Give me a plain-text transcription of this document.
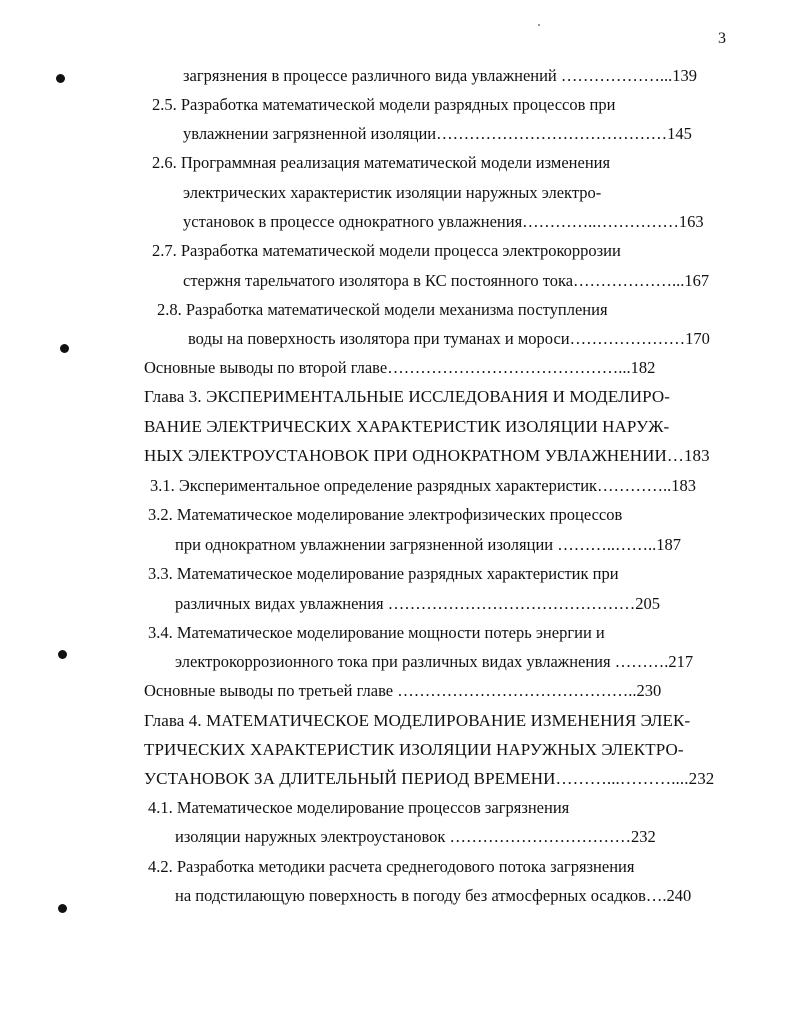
3
загрязнения в процессе различного вида увлажнений ………………...139
2.5. Разработка математической модели разрядных процессов при
увлажнении загрязненной изоляции……………………………………145
2.6. Программная реализация математической модели изменения
электрических характеристик изоляции наружных электро-
установок в процессе однократного увлажнения…………..……………163
2.7. Разработка математической модели процесса электрокоррозии
стержня тарельчатого изолятора в КС постоянного тока………………...167
2.8. Разработка математической модели механизма поступления
воды на поверхность изолятора при туманах и мороси…………………170
Основные выводы по второй главе……………………………………...182
Глава 3. ЭКСПЕРИМЕНТАЛЬНЫЕ ИССЛЕДОВАНИЯ И МОДЕЛИРО-
ВАНИЕ ЭЛЕКТРИЧЕСКИХ ХАРАКТЕРИСТИК ИЗОЛЯЦИИ НАРУЖ-
НЫХ ЭЛЕКТРОУСТАНОВОК ПРИ ОДНОКРАТНОМ УВЛАЖНЕНИИ…183
3.1. Экспериментальное определение разрядных характеристик…………..183
3.2. Математическое моделирование электрофизических процессов
при однократном увлажнении загрязненной изоляции ………..……..187
3.3. Математическое моделирование разрядных характеристик при
различных видах увлажнения ………………………………………205
3.4. Математическое моделирование мощности потерь энергии и
электрокоррозионного тока при различных видах увлажнения ……….217
Основные выводы по третьей главе ……………………………………..230
Глава 4. МАТЕМАТИЧЕСКОЕ МОДЕЛИРОВАНИЕ ИЗМЕНЕНИЯ ЭЛЕК-
ТРИЧЕСКИХ ХАРАКТЕРИСТИК ИЗОЛЯЦИИ НАРУЖНЫХ ЭЛЕКТРО-
УСТАНОВОК ЗА ДЛИТЕЛЬНЫЙ ПЕРИОД ВРЕМЕНИ………...………....232
4.1. Математическое моделирование процессов загрязнения
изоляции наружных электроустановок ……………………………232
4.2. Разработка методики расчета среднегодового потока загрязнения
на подстилающую поверхность в погоду без атмосферных осадков….240
